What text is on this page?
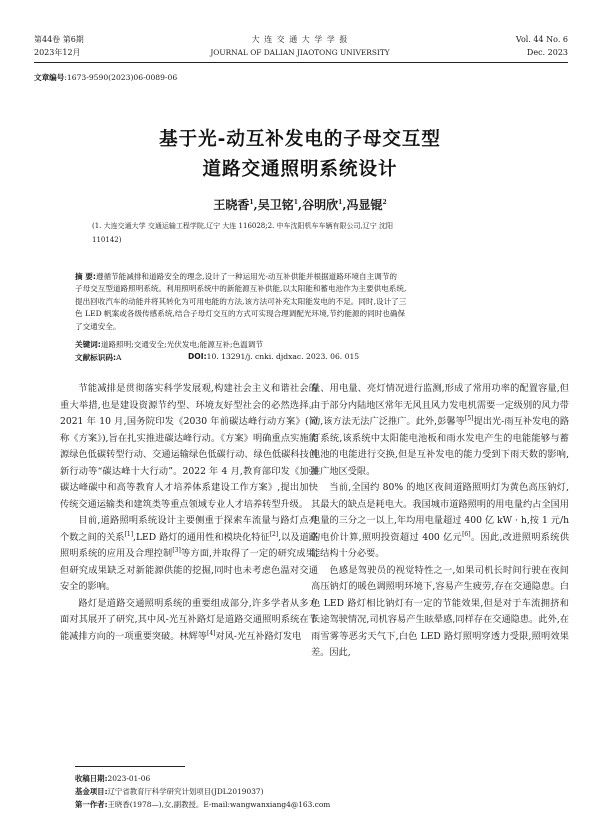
第44卷 第6期
2023年12月
大 连 交 通 大 学 学 报
JOURNAL OF DALIAN JIAOTONG UNIVERSITY
Vol. 44 No. 6
Dec. 2023
文章编号:1673-9590(2023)06-0089-06
基于光-动互补发电的子母交互型
道路交通照明系统设计
王晓香$^1$,吴卫铭$^1$,谷明欣$^1$,冯显锟$^2$
(1. 大连交通大学 交通运输工程学院,辽宁 大连 116028;2. 中车沈阳机车车辆有限公司,辽宁 沈阳
110142)
摘 要:遵循节能减排和道路安全的理念,设计了一种运用光-动互补供能并根据道路环境自主调节的
子母交互型道路照明系统。利用照明系统中的新能源互补供能,以太阳能和蓄电池作为主要供电系统,
提出回收汽车的动能并将其转化为可用电能的方法,该方法可补充太阳能发电的不足。同时,设计了三
色 LED 帆案或各级传感系统,结合子母灯交互的方式可实现合理调配光环境,节约能源的同时也确保
了交通安全。
关键词:道路照明;交通安全;光伏发电;能源互补;色温调节
文献标识码:A	DOI:10. 13291/j. cnki. djdxac. 2023. 06. 015

节能减排是贯彻落实科学发展观,构建社会主义和谐社会的重大举措,也是建设资源节约型、环境友好型社会的必然选择。2021 年 10 月,国务院印发《2030 年前碳达峰行动方案》(简称《方案》),旨在扎实推进碳达峰行动。《方案》明确重点实施能源绿色低碳转型行动、交通运输绿色低碳行动、绿色低碳科技创新行动等“碳达峰十大行动”。2022 年 4 月,教育部印发《加强碳达峰碳中和高等教育人才培养体系建设工作方案》,提出加快传统交通运输类和建筑类等重点领域专业人才培养转型升级。

目前,道路照明系统设计主要侧重于探索车流量与路灯点亮个数之间的关系[1],LED 路灯的通用性和模块化特征[2],以及道路照明系统的应用及合理控制[3]等方面,并取得了一定的研究成果,但研究成果缺乏对新能源供能的挖掘,同时也未考虑色温对交通安全的影响。

路灯是道路交通照明系统的重要组成部分,许多学者从多方面对其展开了研究,其中风-光互补路灯是道路交通照明系统在节能减排方向的一项重要突破。林辉等[4]对风-光互补路灯发电

量、用电量、亮灯情况进行监测,形成了常用功率的配置容量,但由于部分内陆地区常年无风且风力发电机需要一定级别的风力带动,该方法无法广泛推广。此外,彭馨等[5]提出光-雨互补发电的路灯系统,该系统中太阳能电池板和雨水发电产生的电能能够与蓄电池的电能进行交换,但是互补发电的能力受到下雨天数的影响,推广地区受限。

当前,全国约 80% 的地区夜间道路照明灯为黄色高压钠灯,其最大的缺点是耗电大。我国城市道路照明的用电量约占全国用电量的三分之一以上,年均用电量超过 400 亿 kW · h,按 1 元/h 的电价计算,照明投资超过 400 亿元[6]。因此,改进照明系统供能结构十分必要。

色感是驾驶员的视觉特性之一,如果司机长时间行驶在夜间高压钠灯的暖色调照明环境下,容易产生疲劳,存在交通隐患。白色 LED 路灯相比钠灯有一定的节能效果,但是对于车流拥挤和长途驾驶情况,司机容易产生眩晕感,同样存在交通隐患。此外,在雨雪雾等恶劣天气下,白色 LED 路灯照明穿透力受限,照明效果差。因此,

收稿日期:2023-01-06
基金项目:辽宁省教育厅科学研究计划项目(JDL2019037)
第一作者:王晓香(1978—),女,副教授。E-mail:wangwanxiang4@163.com
